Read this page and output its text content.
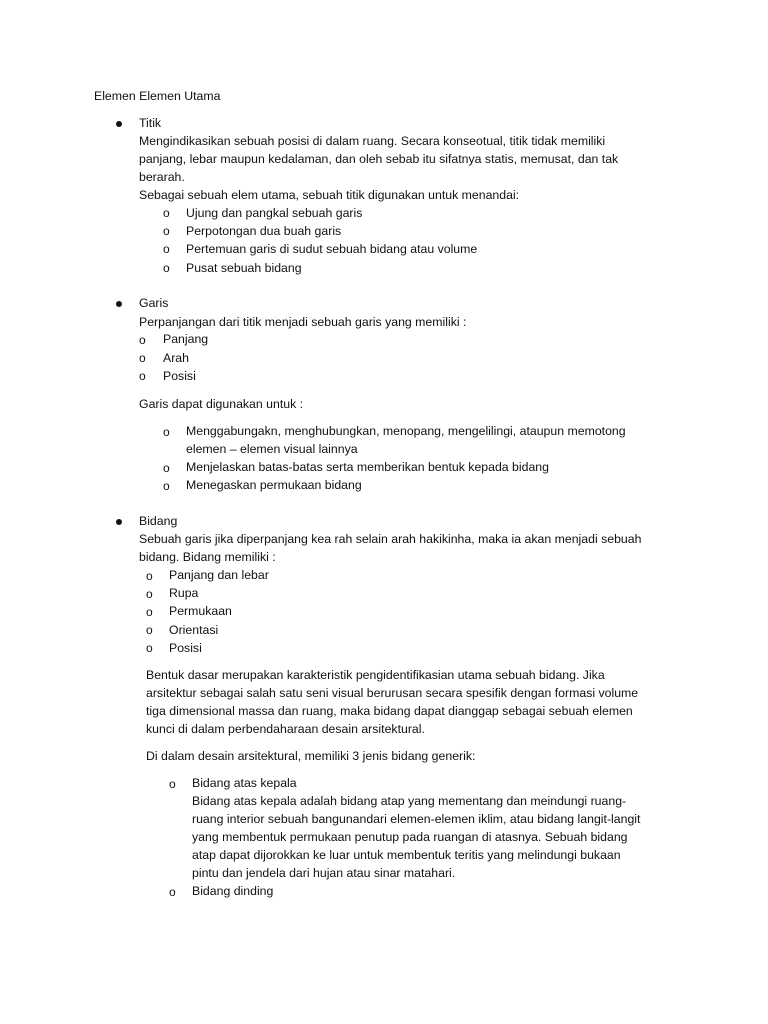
Elemen Elemen Utama
Titik
Mengindikasikan sebuah posisi di dalam ruang. Secara konseotual, titik tidak memiliki
panjang, lebar maupun kedalaman, dan oleh sebab itu sifatnya statis, memusat, dan tak
berarah.
Sebagai sebuah elem utama, sebuah titik digunakan untuk menandai:
o Ujung dan pangkal sebuah garis
o Perpotongan dua buah garis
o Pertemuan garis di sudut sebuah bidang atau volume
o Pusat sebuah bidang
Garis
Perpanjangan dari titik menjadi sebuah garis yang memiliki :
o Panjang
o Arah
o Posisi
Garis dapat digunakan untuk :
o Menggabungakn, menghubungkan, menopang, mengelilingi, ataupun memotong
elemen – elemen visual lainnya
o Menjelaskan batas-batas serta memberikan bentuk kepada bidang
o Menegaskan permukaan bidang
Bidang
Sebuah garis jika diperpanjang kea rah selain arah hakikinha, maka ia akan menjadi sebuah
bidang. Bidang memiliki :
o Panjang dan lebar
o Rupa
o Permukaan
o Orientasi
o Posisi
Bentuk dasar merupakan karakteristik pengidentifikasian utama sebuah bidang. Jika
arsitektur sebagai salah satu seni visual berurusan secara spesifik dengan formasi volume
tiga dimensional massa dan ruang, maka bidang dapat dianggap sebagai sebuah elemen
kunci di dalam perbendaharaan desain arsitektural.
Di dalam desain arsitektural, memiliki 3 jenis bidang generik:
o Bidang atas kepala
Bidang atas kepala adalah bidang atap yang mementang dan meindungi ruang-
ruang interior sebuah bangunandari elemen-elemen iklim, atau bidang langit-langit
yang membentuk permukaan penutup pada ruangan di atasnya. Sebuah bidang
atap dapat dijorokkan ke luar untuk membentuk teritis yang melindungi bukaan
pintu dan jendela dari hujan atau sinar matahari.
o Bidang dinding
